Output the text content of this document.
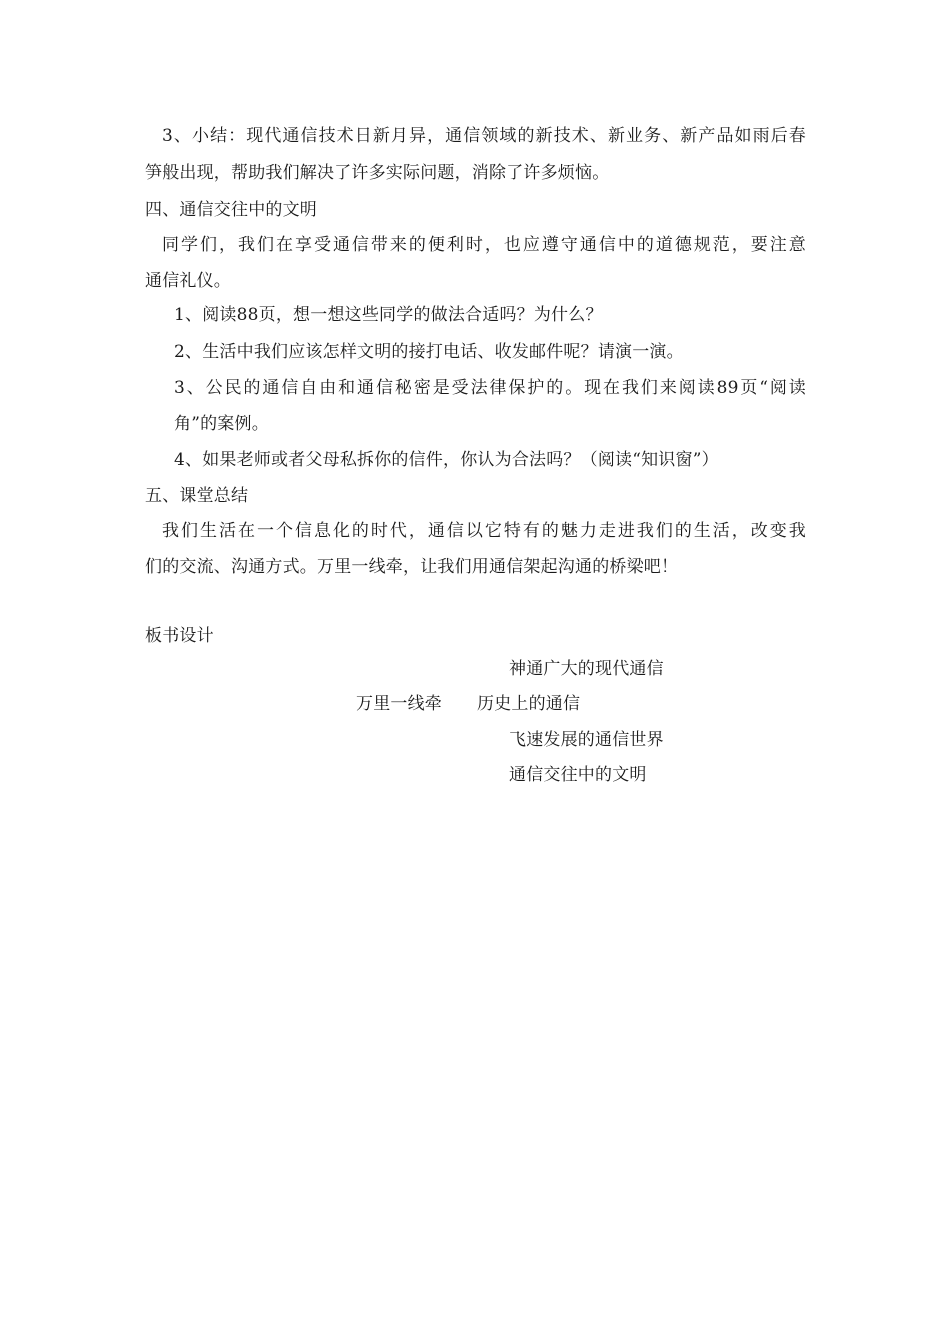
3、小结：现代通信技术日新月异，通信领域的新技术、新业务、新产品如雨后春
笋般出现，帮助我们解决了许多实际问题，消除了许多烦恼。
四、通信交往中的文明
同学们，我们在享受通信带来的便利时，也应遵守通信中的道德规范，要注意
通信礼仪。
1、阅读88页，想一想这些同学的做法合适吗？为什么？
2、生活中我们应该怎样文明的接打电话、收发邮件呢？请演一演。
3、公民的通信自由和通信秘密是受法律保护的。现在我们来阅读89页“阅读
角”的案例。
4、如果老师或者父母私拆你的信件，你认为合法吗？（阅读“知识窗”）
五、课堂总结
我们生活在一个信息化的时代，通信以它特有的魅力走进我们的生活，改变我
们的交流、沟通方式。万里一线牵，让我们用通信架起沟通的桥梁吧！
板书设计
神通广大的现代通信
万里一线牵 历史上的通信
飞速发展的通信世界
通信交往中的文明
